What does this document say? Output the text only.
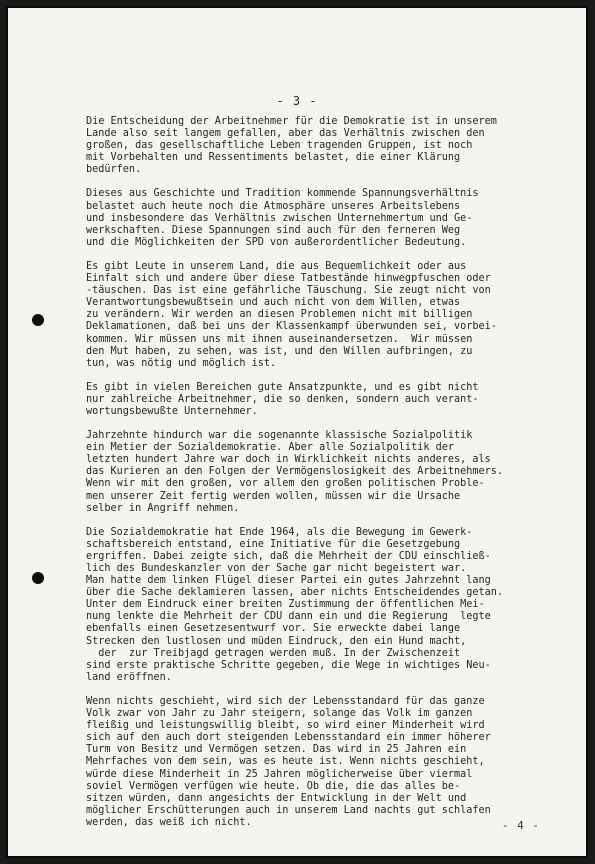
- 3 -
Die Entscheidung der Arbeitnehmer für die Demokratie ist in unserem
Lande also seit langem gefallen, aber das Verhältnis zwischen den
großen, das gesellschaftliche Leben tragenden Gruppen, ist noch
mit Vorbehalten und Ressentiments belastet, die einer Klärung
bedürfen.
Dieses aus Geschichte und Tradition kommende Spannungsverhältnis
belastet auch heute noch die Atmosphäre unseres Arbeitslebens
und insbesondere das Verhältnis zwischen Unternehmertum und Ge-
werkschaften. Diese Spannungen sind auch für den ferneren Weg
und die Möglichkeiten der SPD von außerordentlicher Bedeutung.
Es gibt Leute in unserem Land, die aus Bequemlichkeit oder aus
Einfalt sich und andere über diese Tatbestände hinwegpfuschen oder
-täuschen. Das ist eine gefährliche Täuschung. Sie zeugt nicht von
Verantwortungsbewußtsein und auch nicht von dem Willen, etwas
zu verändern. Wir werden an diesen Problemen nicht mit billigen
Deklamationen, daß bei uns der Klassenkampf überwunden sei, vorbei-
kommen. Wir müssen uns mit ihnen auseinandersetzen.  Wir müssen
den Mut haben, zu sehen, was ist, und den Willen aufbringen, zu
tun, was nötig und möglich ist.
Es gibt in vielen Bereichen gute Ansatzpunkte, und es gibt nicht
nur zahlreiche Arbeitnehmer, die so denken, sondern auch verant-
wortungsbewußte Unternehmer.
Jahrzehnte hindurch war die sogenannte klassische Sozialpolitik
ein Metier der Sozialdemokratie. Aber alle Sozialpolitik der
letzten hundert Jahre war doch in Wirklichkeit nichts anderes, als
das Kurieren an den Folgen der Vermögenslosigkeit des Arbeitnehmers.
Wenn wir mit den großen, vor allem den großen politischen Proble-
men unserer Zeit fertig werden wollen, müssen wir die Ursache
selber in Angriff nehmen.
Die Sozialdemokratie hat Ende 1964, als die Bewegung im Gewerk-
schaftsbereich entstand, eine Initiative für die Gesetzgebung
ergriffen. Dabei zeigte sich, daß die Mehrheit der CDU einschließ-
lich des Bundeskanzler von der Sache gar nicht begeistert war.
Man hatte dem linken Flügel dieser Partei ein gutes Jahrzehnt lang
über die Sache deklamieren lassen, aber nichts Entscheidendes getan.
Unter dem Eindruck einer breiten Zustimmung der öffentlichen Mei-
nung lenkte die Mehrheit der CDU dann ein und die Regierung  legte
ebenfalls einen Gesetzesentwurf vor. Sie erweckte dabei lange
Strecken den lustlosen und müden Eindruck, den ein Hund macht,
der  zur Treibjagd getragen werden muß. In der Zwischenzeit
sind erste praktische Schritte gegeben, die Wege in wichtiges Neu-
land eröffnen.
Wenn nichts geschieht, wird sich der Lebensstandard für das ganze
Volk zwar von Jahr zu Jahr steigern, solange das Volk im ganzen
fleißig und leistungswillig bleibt, so wird einer Minderheit wird
sich auf den auch dort steigenden Lebensstandard ein immer höherer
Turm von Besitz und Vermögen setzen. Das wird in 25 Jahren ein
Mehrfaches von dem sein, was es heute ist. Wenn nichts geschieht,
würde diese Minderheit in 25 Jahren möglicherweise über viermal
soviel Vermögen verfügen wie heute. Ob die, die das alles be-
sitzen würden, dann angesichts der Entwicklung in der Welt und
möglicher Erschütterungen auch in unserem Land nachts gut schlafen
werden, das weiß ich nicht.	- 4 -
